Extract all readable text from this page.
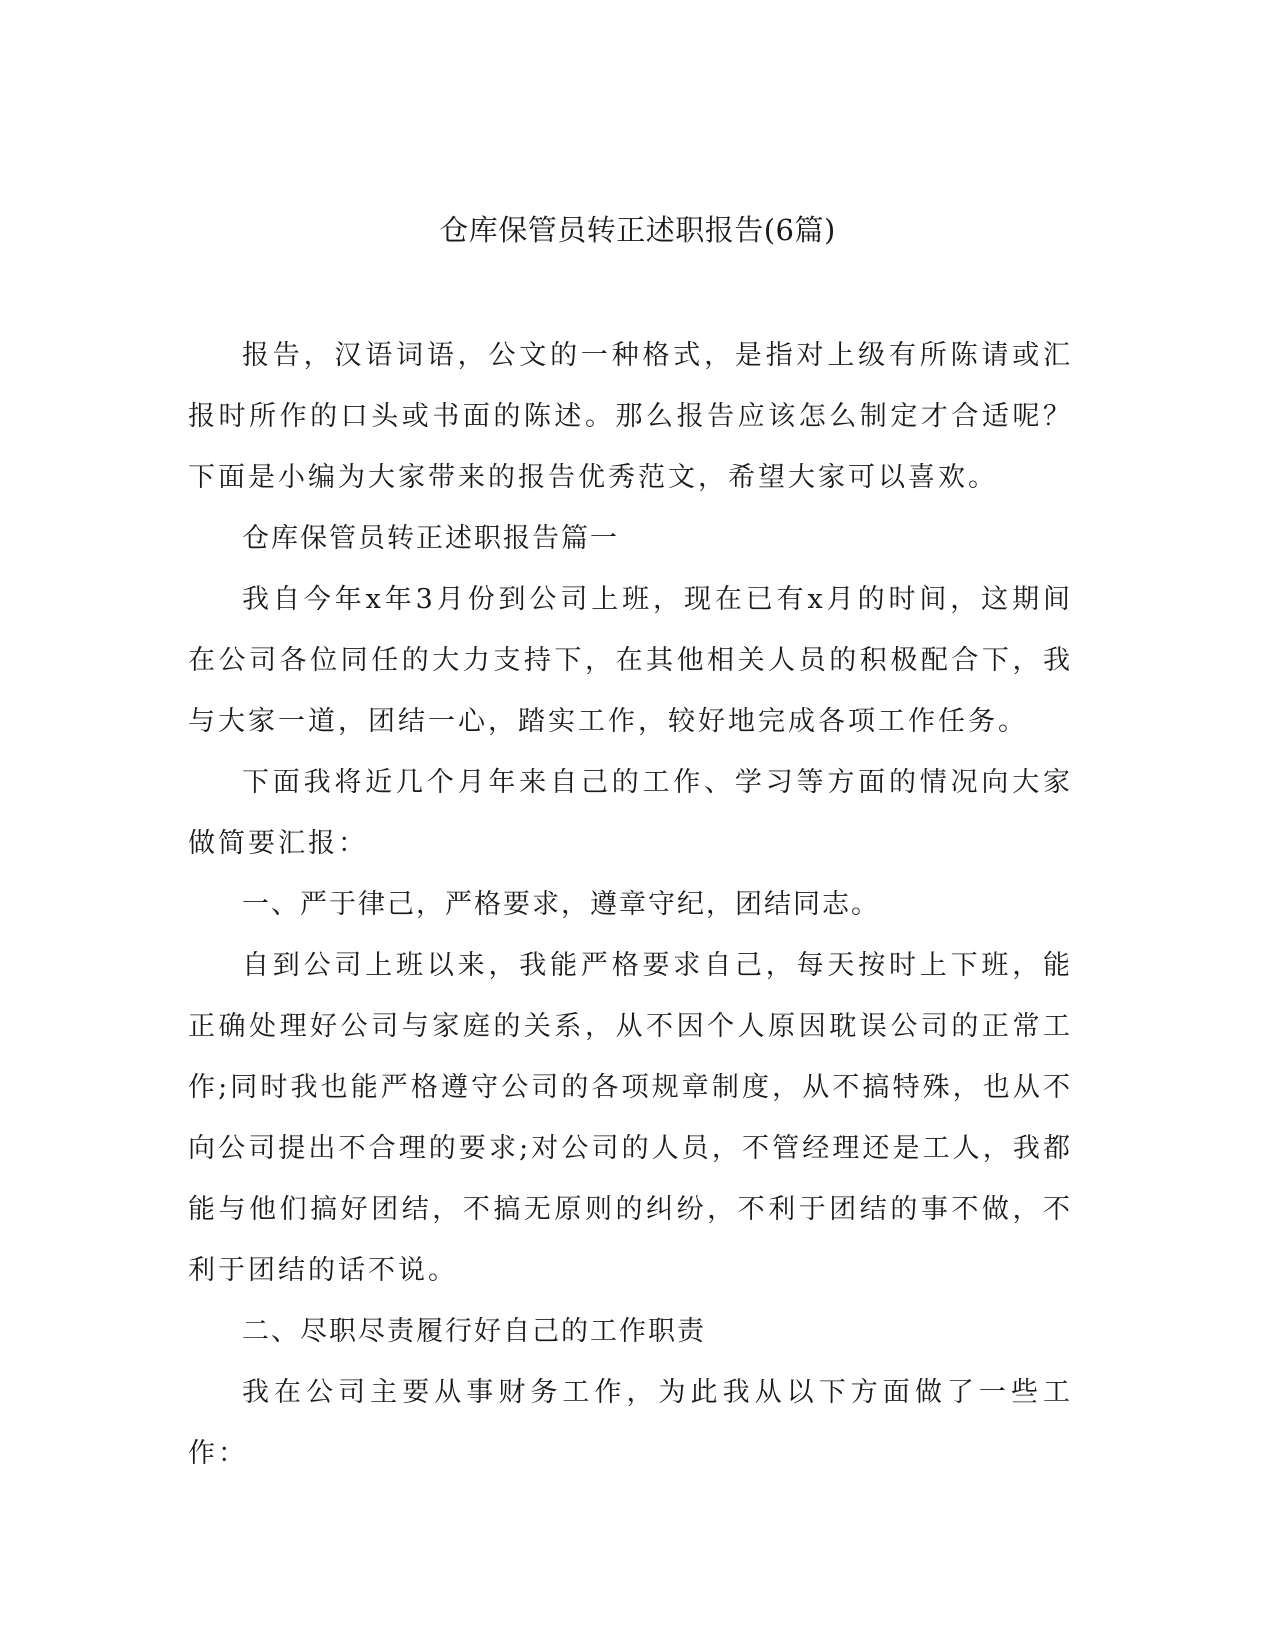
仓库保管员转正述职报告(6篇)

报告，汉语词语，公文的一种格式，是指对上级有所陈请或汇报时所作的口头或书面的陈述。那么报告应该怎么制定才合适呢？下面是小编为大家带来的报告优秀范文，希望大家可以喜欢。

仓库保管员转正述职报告篇一

我自今年x年3月份到公司上班，现在已有x月的时间，这期间在公司各位同任的大力支持下，在其他相关人员的积极配合下，我与大家一道，团结一心，踏实工作，较好地完成各项工作任务。

下面我将近几个月年来自己的工作、学习等方面的情况向大家做简要汇报：

一、严于律己，严格要求，遵章守纪，团结同志。

自到公司上班以来，我能严格要求自己，每天按时上下班，能正确处理好公司与家庭的关系，从不因个人原因耽误公司的正常工作;同时我也能严格遵守公司的各项规章制度，从不搞特殊，也从不向公司提出不合理的要求;对公司的人员，不管经理还是工人，我都能与他们搞好团结，不搞无原则的纠纷，不利于团结的事不做，不利于团结的话不说。

二、尽职尽责履行好自己的工作职责

我在公司主要从事财务工作，为此我从以下方面做了一些工作：
